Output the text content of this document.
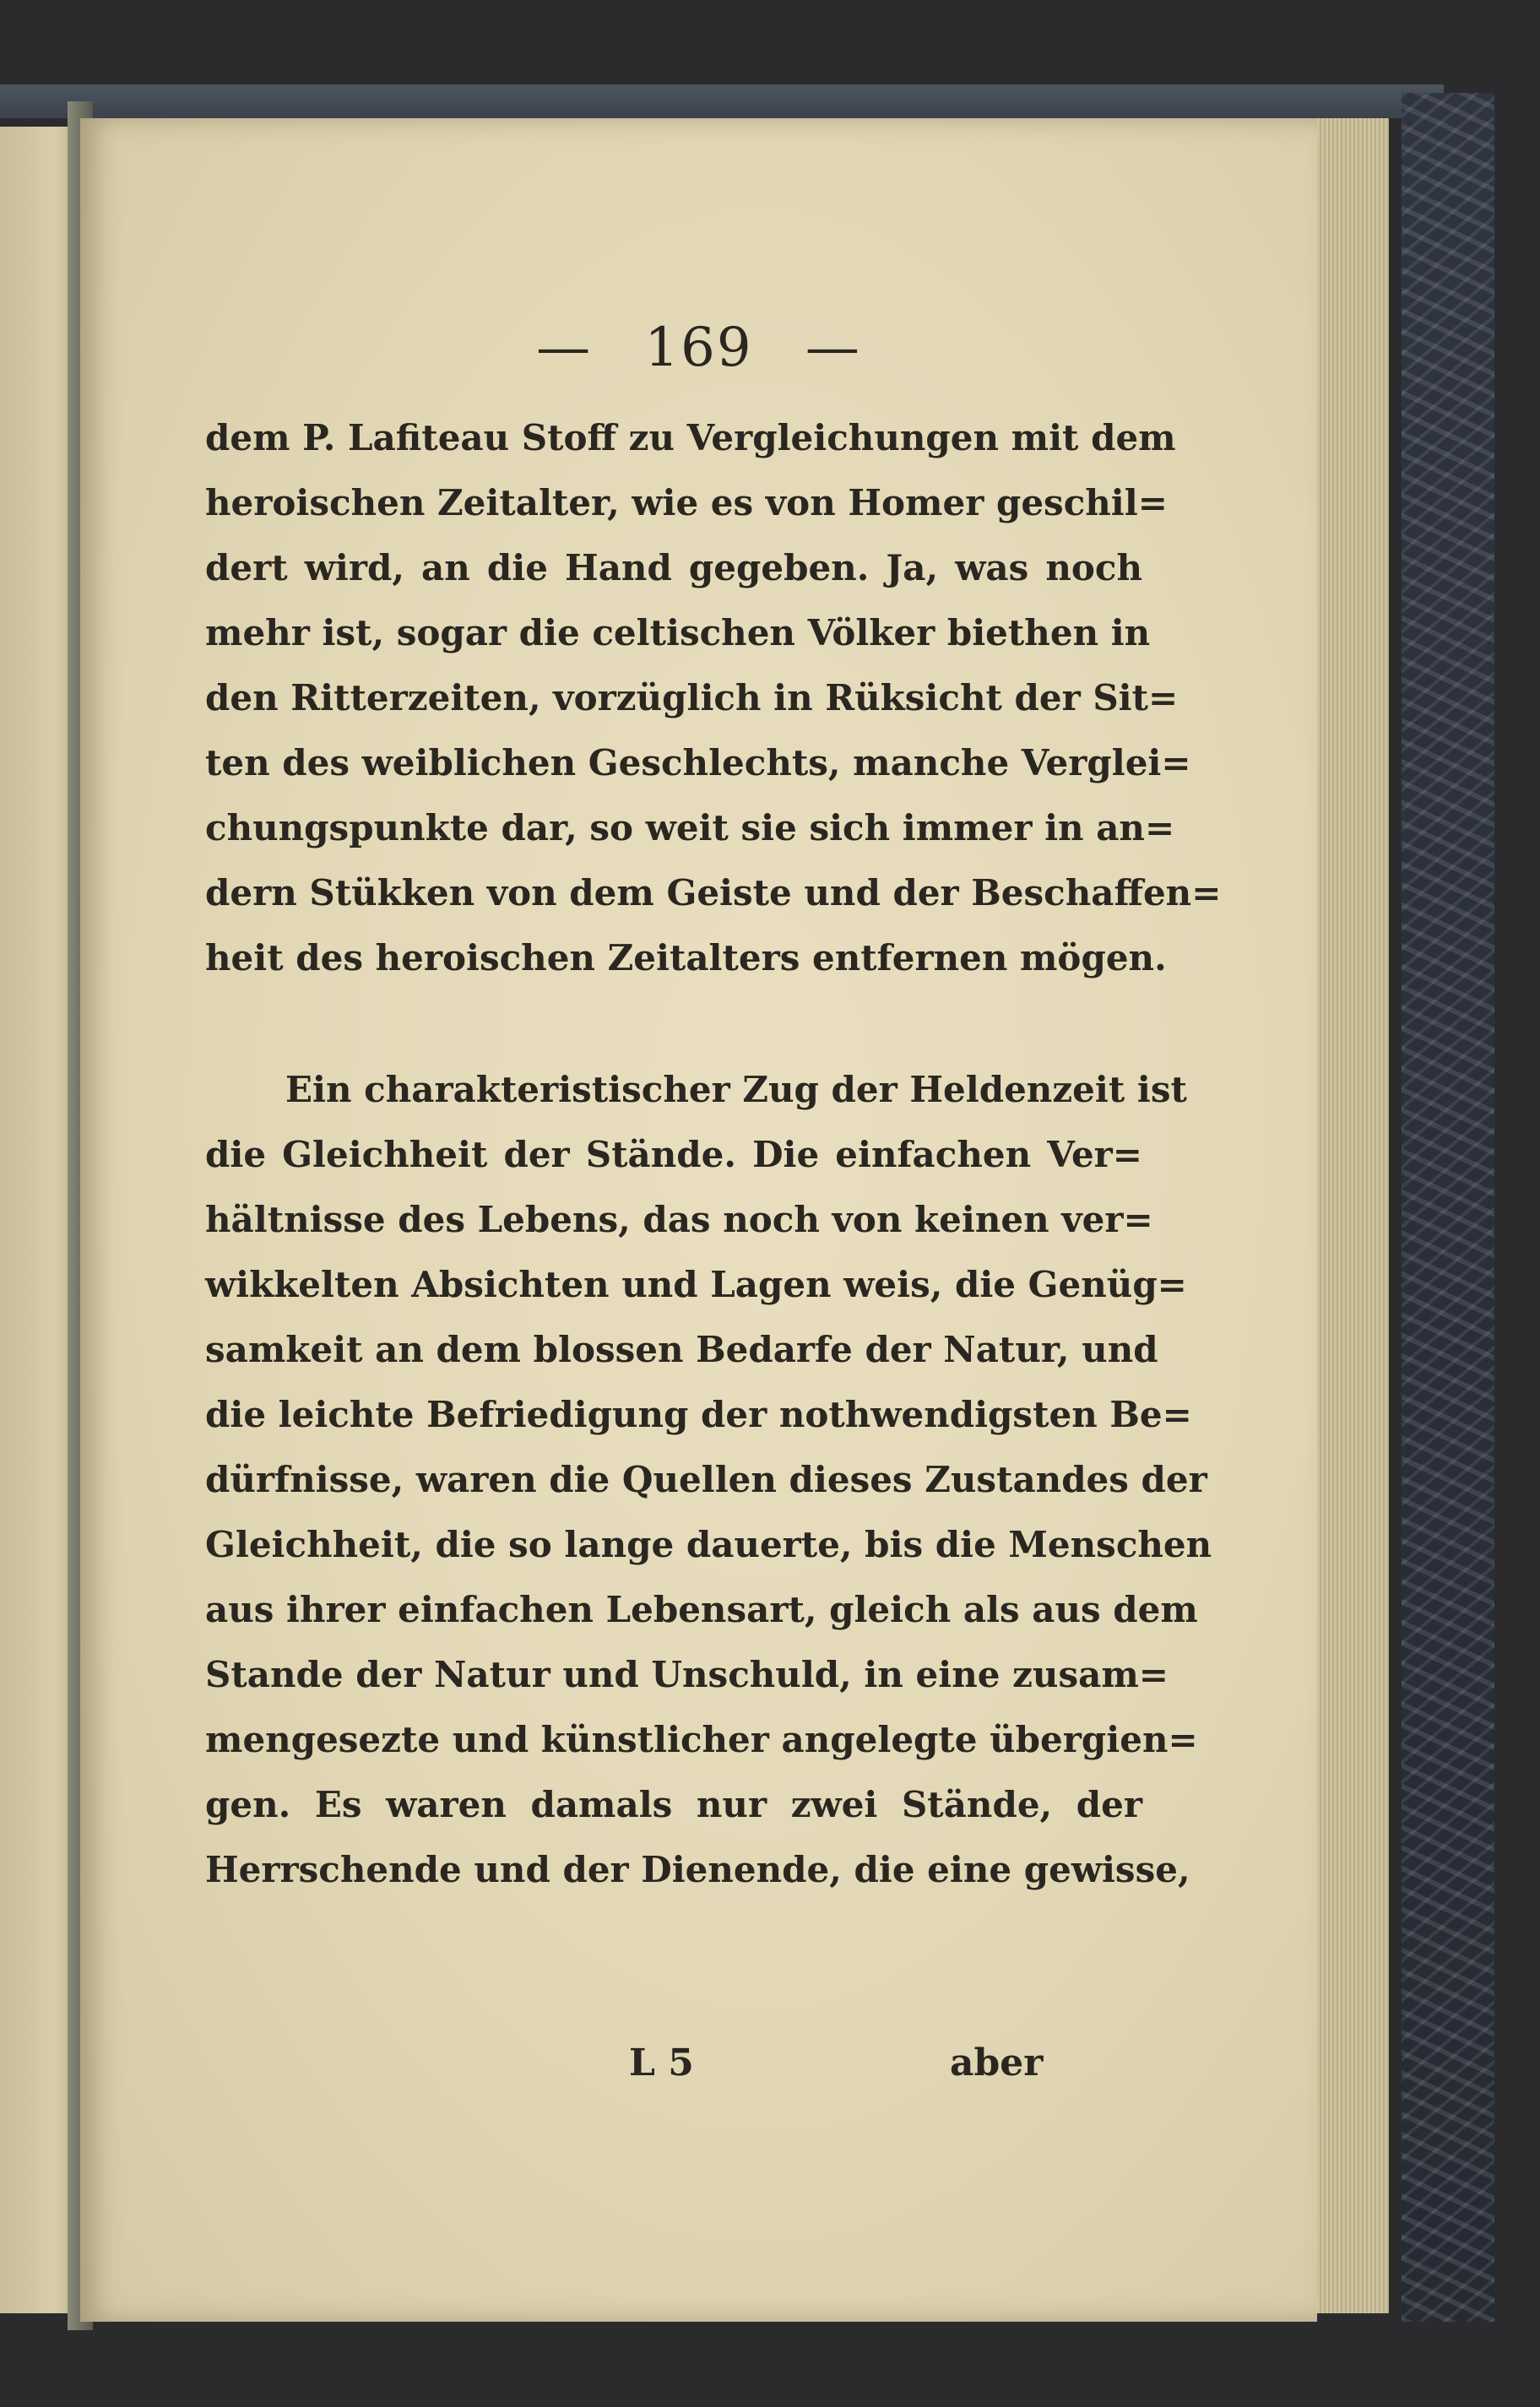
— 169 —
dem P. Lafiteau Stoff zu Vergleichungen mit dem
heroischen Zeitalter, wie es von Homer geschil=
dert wird, an die Hand gegeben. Ja, was noch
mehr ist, sogar die celtischen Völker biethen in
den Ritterzeiten, vorzüglich in Rüksicht der Sit=
ten des weiblichen Geschlechts, manche Verglei=
chungspunkte dar, so weit sie sich immer in an=
dern Stükken von dem Geiste und der Beschaffen=
heit des heroischen Zeitalters entfernen mögen.
Ein charakteristischer Zug der Heldenzeit ist
die Gleichheit der Stände. Die einfachen Ver=
hältnisse des Lebens, das noch von keinen ver=
wikkelten Absichten und Lagen weis, die Genüg=
samkeit an dem blossen Bedarfe der Natur, und
die leichte Befriedigung der nothwendigsten Be=
dürfnisse, waren die Quellen dieses Zustandes der
Gleichheit, die so lange dauerte, bis die Menschen
aus ihrer einfachen Lebensart, gleich als aus dem
Stande der Natur und Unschuld, in eine zusam=
mengesezte und künstlicher angelegte übergien=
gen. Es waren damals nur zwei Stände, der
Herrschende und der Dienende, die eine gewisse,
L 5	aber
